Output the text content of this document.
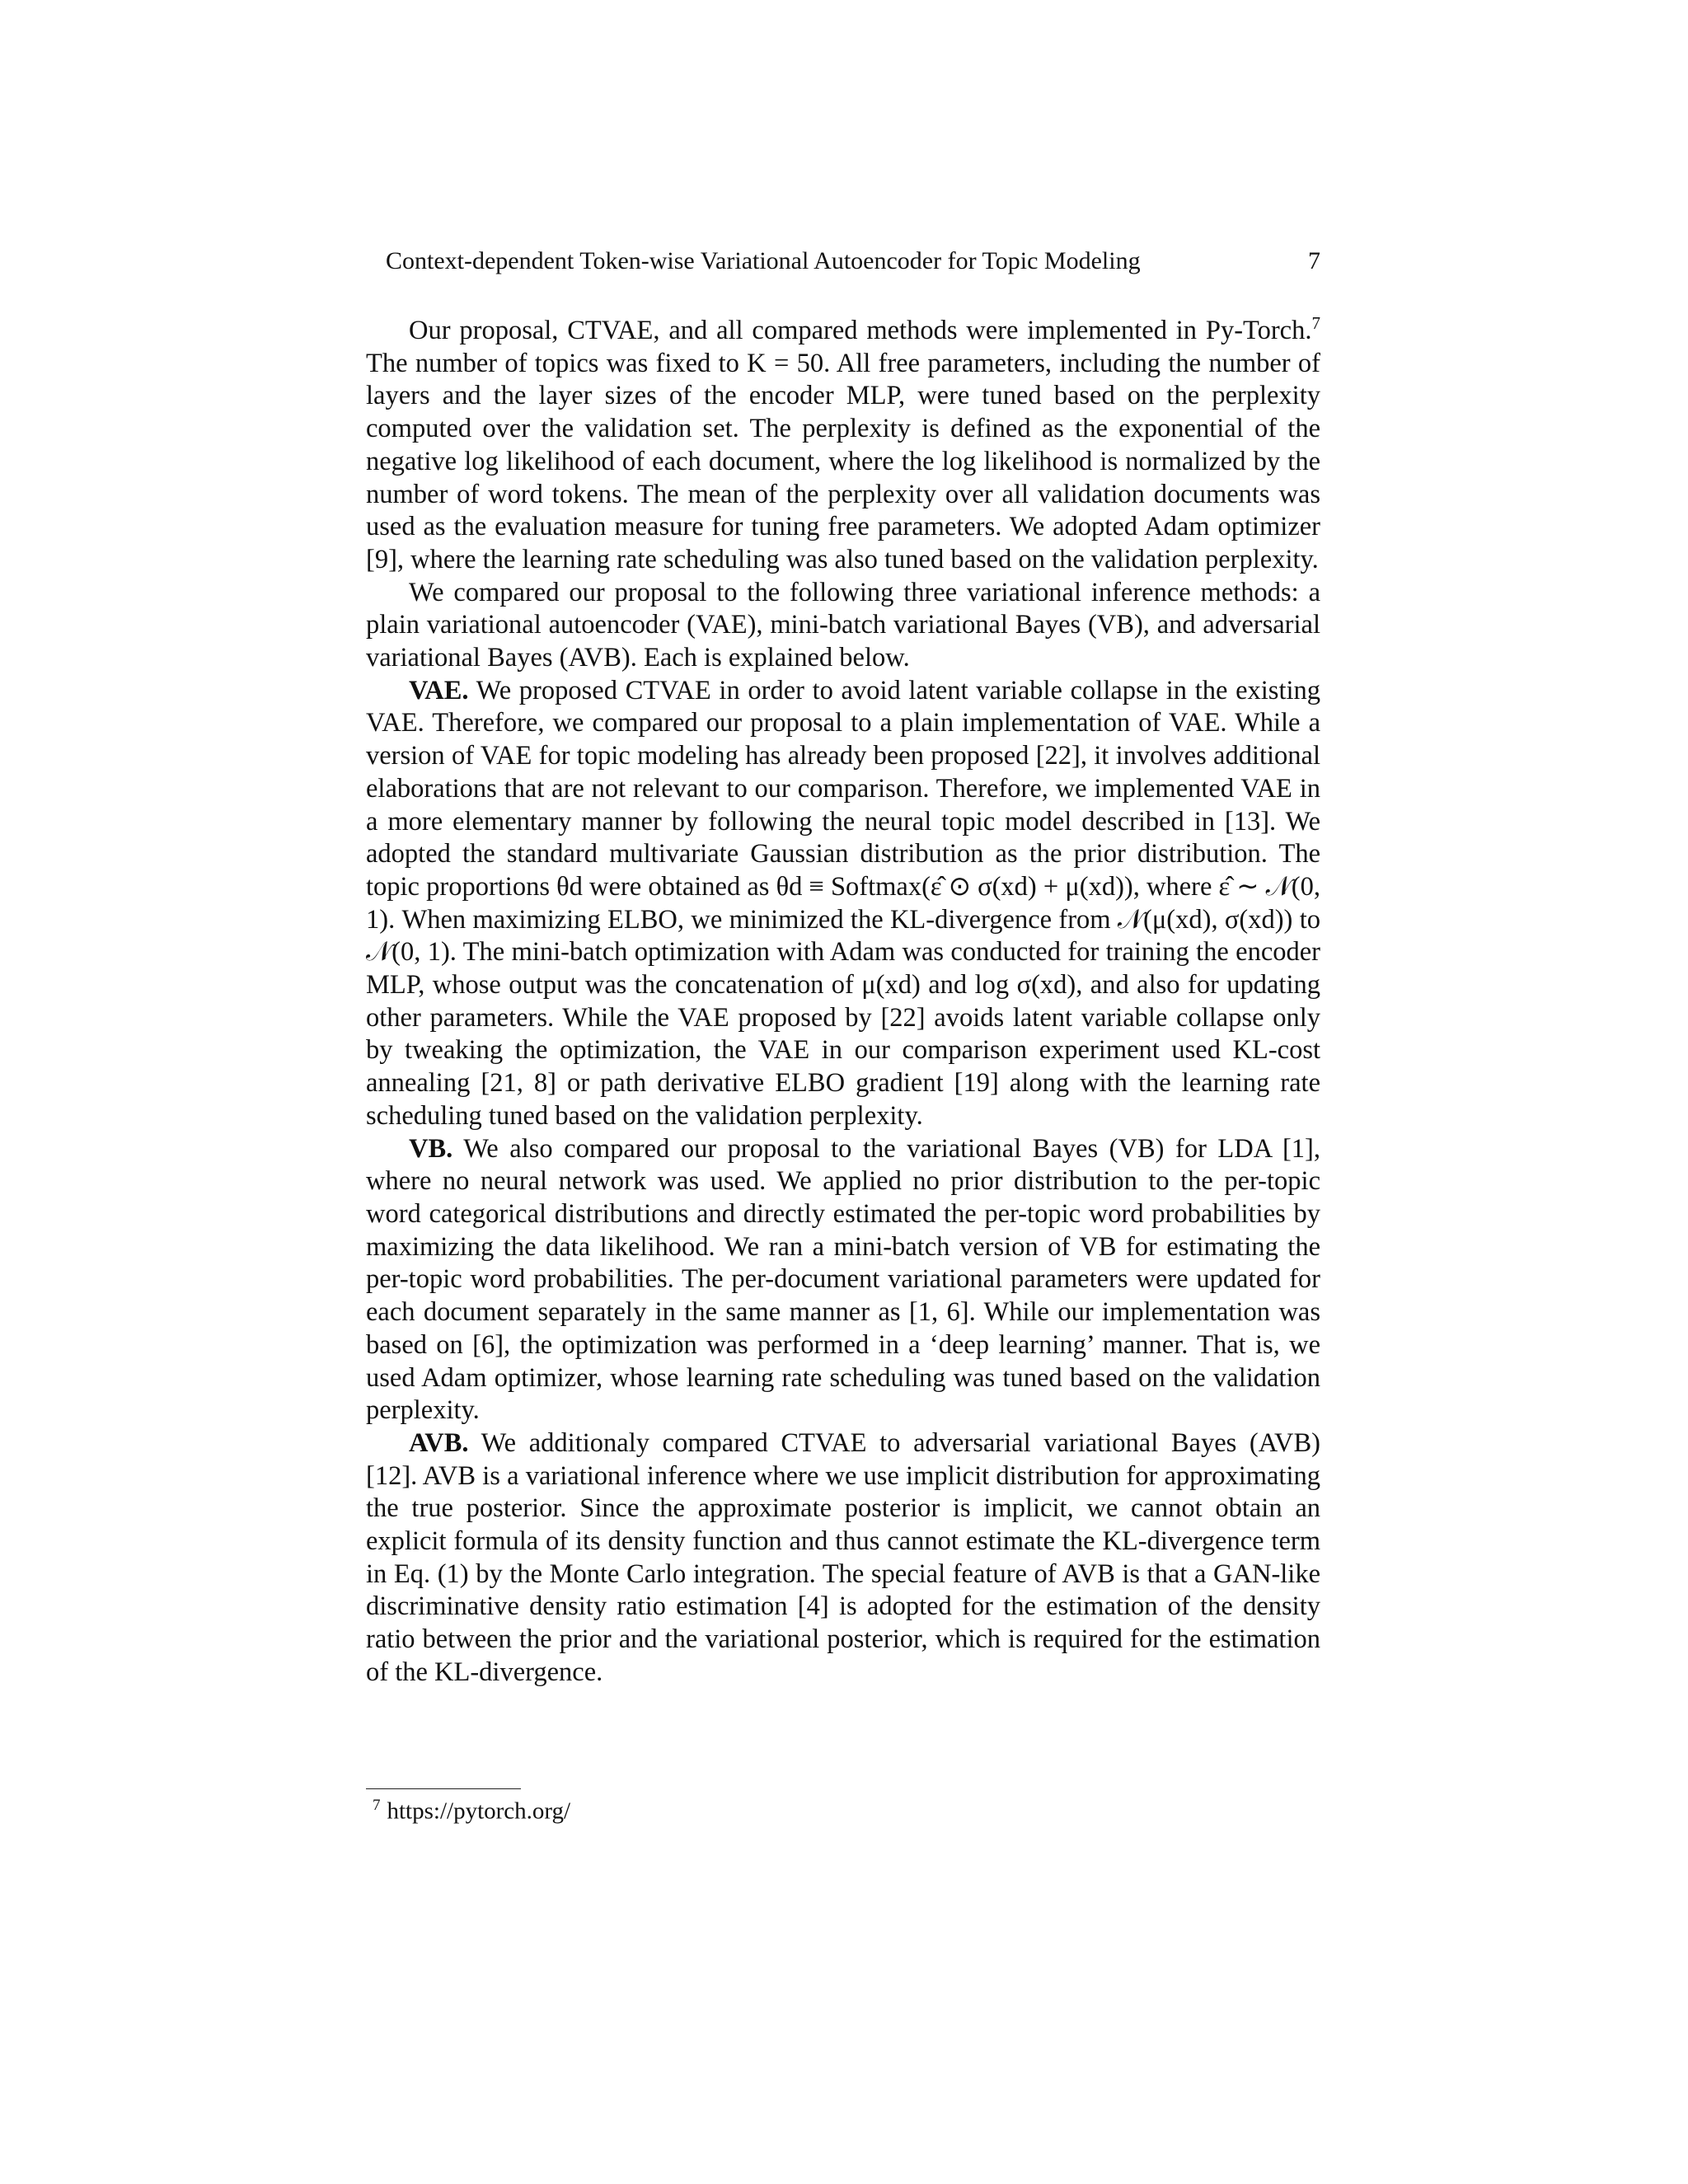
Context-dependent Token-wise Variational Autoencoder for Topic Modeling	7

Our proposal, CTVAE, and all compared methods were implemented in Py-Torch.$^7$ The number of topics was fixed to K = 50. All free parameters, including the number of layers and the layer sizes of the encoder MLP, were tuned based on the perplexity computed over the validation set. The perplexity is defined as the exponential of the negative log likelihood of each document, where the log likelihood is normalized by the number of word tokens. The mean of the perplexity over all validation documents was used as the evaluation measure for tuning free parameters. We adopted Adam optimizer [9], where the learning rate scheduling was also tuned based on the validation perplexity.

We compared our proposal to the following three variational inference methods: a plain variational autoencoder (VAE), mini-batch variational Bayes (VB), and adversarial variational Bayes (AVB). Each is explained below.

VAE. We proposed CTVAE in order to avoid latent variable collapse in the existing VAE. Therefore, we compared our proposal to a plain implementation of VAE. While a version of VAE for topic modeling has already been proposed [22], it involves additional elaborations that are not relevant to our comparison. Therefore, we implemented VAE in a more elementary manner by following the neural topic model described in [13]. We adopted the standard multivariate Gaussian distribution as the prior distribution. The topic proportions θd were obtained as θd ≡ Softmax(ε̂ ⊙ σ(xd) + μ(xd)), where ε̂ ∼ 𝒩(0, 1). When maximizing ELBO, we minimized the KL-divergence from 𝒩(μ(xd), σ(xd)) to 𝒩(0, 1). The mini-batch optimization with Adam was conducted for training the encoder MLP, whose output was the concatenation of μ(xd) and log σ(xd), and also for updating other parameters. While the VAE proposed by [22] avoids latent variable collapse only by tweaking the optimization, the VAE in our comparison experiment used KL-cost annealing [21, 8] or path derivative ELBO gradient [19] along with the learning rate scheduling tuned based on the validation perplexity.

VB. We also compared our proposal to the variational Bayes (VB) for LDA [1], where no neural network was used. We applied no prior distribution to the per-topic word categorical distributions and directly estimated the per-topic word probabilities by maximizing the data likelihood. We ran a mini-batch version of VB for estimating the per-topic word probabilities. The per-document variational parameters were updated for each document separately in the same manner as [1, 6]. While our implementation was based on [6], the optimization was performed in a ‘deep learning’ manner. That is, we used Adam optimizer, whose learning rate scheduling was tuned based on the validation perplexity.

AVB. We additionaly compared CTVAE to adversarial variational Bayes (AVB) [12]. AVB is a variational inference where we use implicit distribution for approximating the true posterior. Since the approximate posterior is implicit, we cannot obtain an explicit formula of its density function and thus cannot estimate the KL-divergence term in Eq. (1) by the Monte Carlo integration. The special feature of AVB is that a GAN-like discriminative density ratio estimation [4] is adopted for the estimation of the density ratio between the prior and the variational posterior, which is required for the estimation of the KL-divergence.

$^7$ https://pytorch.org/
